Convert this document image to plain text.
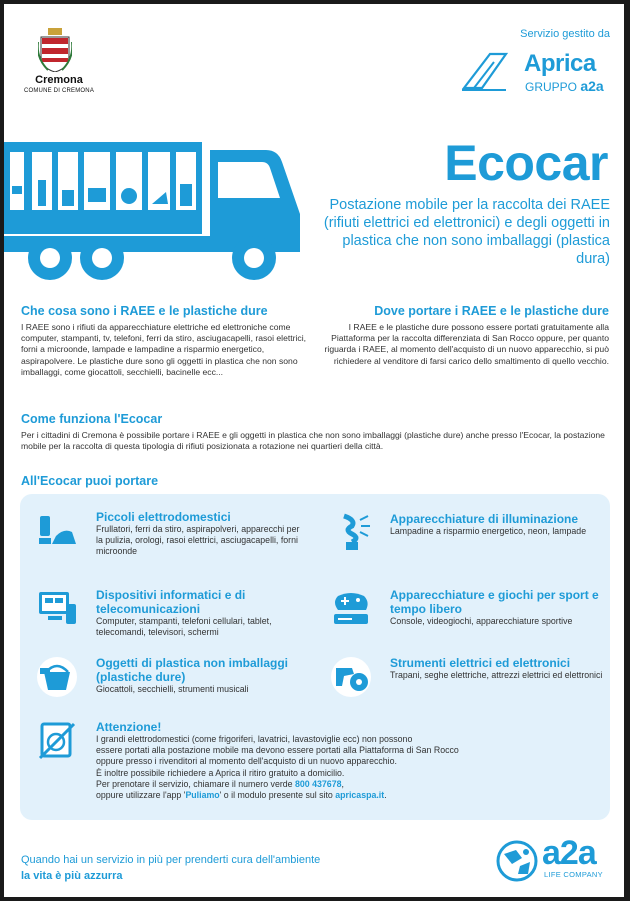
Cremona
COMUNE DI CREMONA
Servizio gestito da
Aprica
GRUPPO a2a
Ecocar
Postazione mobile per la raccolta dei RAEE (rifiuti elettrici ed elettronici) e degli oggetti in plastica che non sono imballaggi (plastica dura)
Che cosa sono i RAEE e le plastiche dure
I RAEE sono i rifiuti da apparecchiature elettriche ed elettroniche come computer, stampanti, tv, telefoni, ferri da stiro, asciugacapelli, rasoi elettrici, forni a microonde, lampade e lampadine a risparmio energetico, aspirapolvere. Le plastiche dure sono gli oggetti in plastica che non sono imballaggi, come giocattoli, secchielli, bacinelle ecc...
Dove portare i RAEE e le plastiche dure
I RAEE e le plastiche dure possono essere portati gratuitamente alla Piattaforma per la raccolta differenziata di San Rocco oppure, per quanto riguarda i RAEE, al momento dell'acquisto di un nuovo apparecchio, si può richiedere al venditore di farsi carico dello smaltimento di quello vecchio.
Come funziona l'Ecocar
Per i cittadini di Cremona è possibile portare i RAEE e gli oggetti in plastica che non sono imballaggi (plastiche dure) anche presso l'Ecocar, la postazione mobile per la raccolta di questa tipologia di rifiuti posizionata a rotazione nei quartieri della città.
All'Ecocar puoi portare
Piccoli elettrodomestici
Frullatori, ferri da stiro, aspirapolveri, apparecchi per la pulizia, orologi, rasoi elettrici, asciugacapelli, forni microonde
Apparecchiature di illuminazione
Lampadine a risparmio energetico, neon, lampade
Dispositivi informatici e di telecomunicazioni
Computer, stampanti, telefoni cellulari, tablet, telecomandi, televisori, schermi
Apparecchiature e giochi per sport e tempo libero
Console, videogiochi, apparecchiature sportive
Oggetti di plastica non imballaggi (plastiche dure)
Giocattoli, secchielli, strumenti musicali
Strumenti elettrici ed elettronici
Trapani, seghe elettriche, attrezzi elettrici ed elettronici
Attenzione!
I grandi elettrodomestici (come frigoriferi, lavatrici, lavastoviglie ecc) non possono
essere portati alla postazione mobile ma devono essere portati alla Piattaforma di San Rocco
oppure presso i rivenditori al momento dell'acquisto di un nuovo apparecchio.
È inoltre possibile richiedere a Aprica il ritiro gratuito a domicilio.
Per prenotare il servizio, chiamare il numero verde 800 437678,
oppure utilizzare l'app 'Puliamo' o il modulo presente sul sito apricaspa.it.
Quando hai un servizio in più per prenderti cura dell'ambiente
la vita è più azzurra
a2a
LIFE COMPANY
